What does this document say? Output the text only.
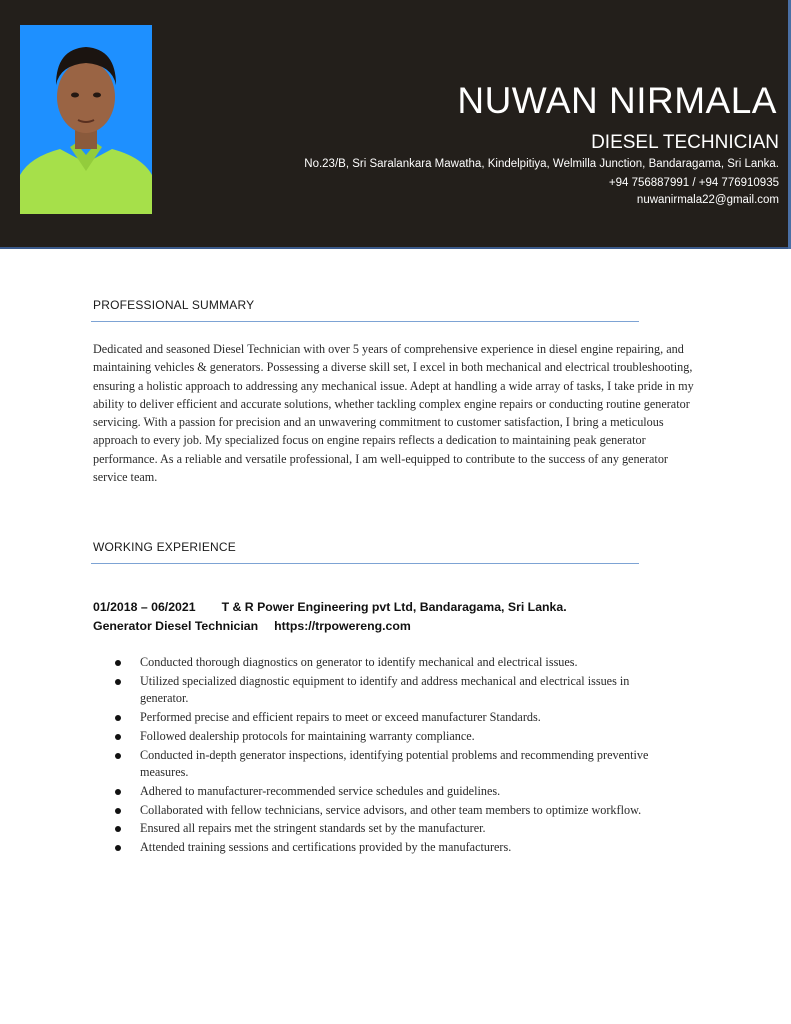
NUWAN NIRMALA
DIESEL TECHNICIAN
No.23/B, Sri Saralankara Mawatha, Kindelpitiya, Welmilla Junction, Bandaragama, Sri Lanka.
+94 756887991 / +94 776910935
nuwanirmala22@gmail.com
PROFESSIONAL SUMMARY

Dedicated and seasoned Diesel Technician with over 5 years of comprehensive experience in diesel engine repairing, and maintaining vehicles & generators. Possessing a diverse skill set, I excel in both mechanical and electrical troubleshooting, ensuring a holistic approach to addressing any mechanical issue. Adept at handling a wide array of tasks, I take pride in my ability to deliver efficient and accurate solutions, whether tackling complex engine repairs or conducting routine generator servicing. With a passion for precision and an unwavering commitment to customer satisfaction, I bring a meticulous approach to every job. My specialized focus on engine repairs reflects a dedication to maintaining peak generator performance. As a reliable and versatile professional, I am well-equipped to contribute to the success of any generator service team.

WORKING EXPERIENCE
01/2018 – 06/2021 T & R Power Engineering pvt Ltd, Bandaragama, Sri Lanka.
Generator Diesel Technician https://trpowereng.com
Conducted thorough diagnostics on generator to identify mechanical and electrical issues.
Utilized specialized diagnostic equipment to identify and address mechanical and electrical issues in generator.
Performed precise and efficient repairs to meet or exceed manufacturer Standards.
Followed dealership protocols for maintaining warranty compliance.
Conducted in-depth generator inspections, identifying potential problems and recommending preventive measures.
Adhered to manufacturer-recommended service schedules and guidelines.
Collaborated with fellow technicians, service advisors, and other team members to optimize workflow.
Ensured all repairs met the stringent standards set by the manufacturer.
Attended training sessions and certifications provided by the manufacturers.
